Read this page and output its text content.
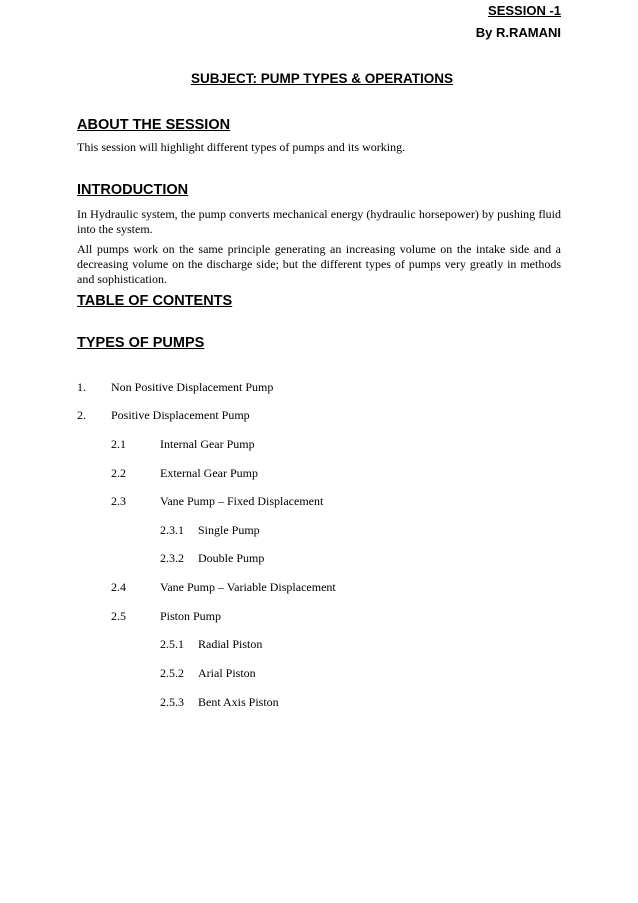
SESSION -1
By R.RAMANI
SUBJECT: PUMP TYPES & OPERATIONS
ABOUT THE SESSION
This session will highlight different types of pumps and its working.
INTRODUCTION
In Hydraulic system, the pump converts mechanical energy (hydraulic horsepower) by pushing fluid into the system.
All pumps work on the same principle generating an increasing volume on the intake side and a decreasing volume on the discharge side; but the different types of pumps very greatly in methods and sophistication.
TABLE OF CONTENTS
TYPES OF PUMPS
1. Non Positive Displacement Pump
2. Positive Displacement Pump
2.1	Internal Gear Pump
2.2	External Gear Pump
2.3	Vane Pump – Fixed Displacement
2.3.1 Single Pump
2.3.2 Double Pump
2.4	Vane Pump – Variable Displacement
2.5	Piston Pump
2.5.1 Radial Piston
2.5.2 Arial Piston
2.5.3 Bent Axis Piston
